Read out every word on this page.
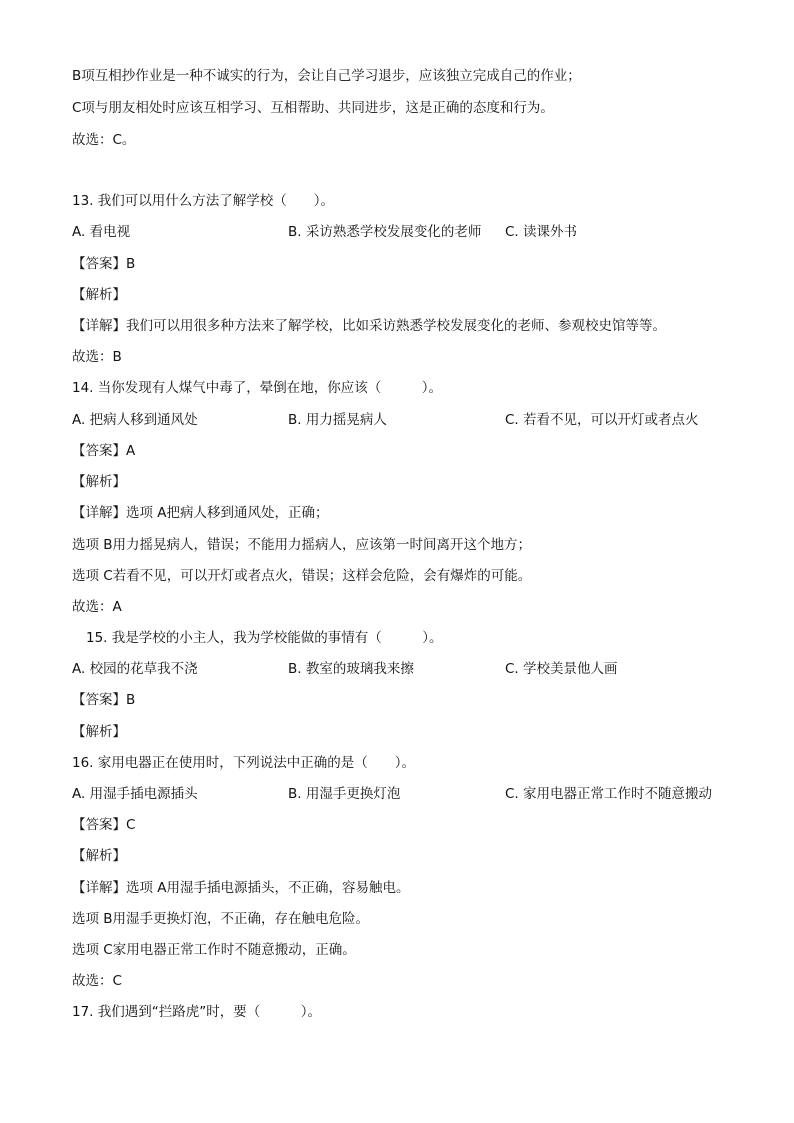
B项互相抄作业是一种不诚实的行为，会让自己学习退步，应该独立完成自己的作业；
C项与朋友相处时应该互相学习、互相帮助、共同进步，这是正确的态度和行为。
故选：C。
13. 我们可以用什么方法了解学校（　　）。
A. 看电视	B. 采访熟悉学校发展变化的老师 C. 读课外书
【答案】B
【解析】
【详解】我们可以用很多种方法来了解学校，比如采访熟悉学校发展变化的老师、参观校史馆等等。
故选：B
14. 当你发现有人煤气中毒了，晕倒在地，你应该（　　　）。
A. 把病人移到通风处	B. 用力摇晃病人	C. 若看不见，可以开灯或者点火
【答案】A
【解析】
【详解】选项 A把病人移到通风处，正确；
选项 B用力摇晃病人，错误；不能用力摇病人，应该第一时间离开这个地方；
选项 C若看不见，可以开灯或者点火，错误；这样会危险，会有爆炸的可能。
故选：A
15. 我是学校的小主人，我为学校能做的事情有（　　　）。
A. 校园的花草我不浇	B. 教室的玻璃我来擦	C. 学校美景他人画
【答案】B
【解析】
16. 家用电器正在使用时，下列说法中正确的是（　　）。
A. 用湿手插电源插头	B. 用湿手更换灯泡	C. 家用电器正常工作时不随意搬动
【答案】C
【解析】
【详解】选项 A用湿手插电源插头，不正确，容易触电。
选项 B用湿手更换灯泡，不正确，存在触电危险。
选项 C家用电器正常工作时不随意搬动，正确。
故选：C
17. 我们遇到“拦路虎”时，要（　　　）。
